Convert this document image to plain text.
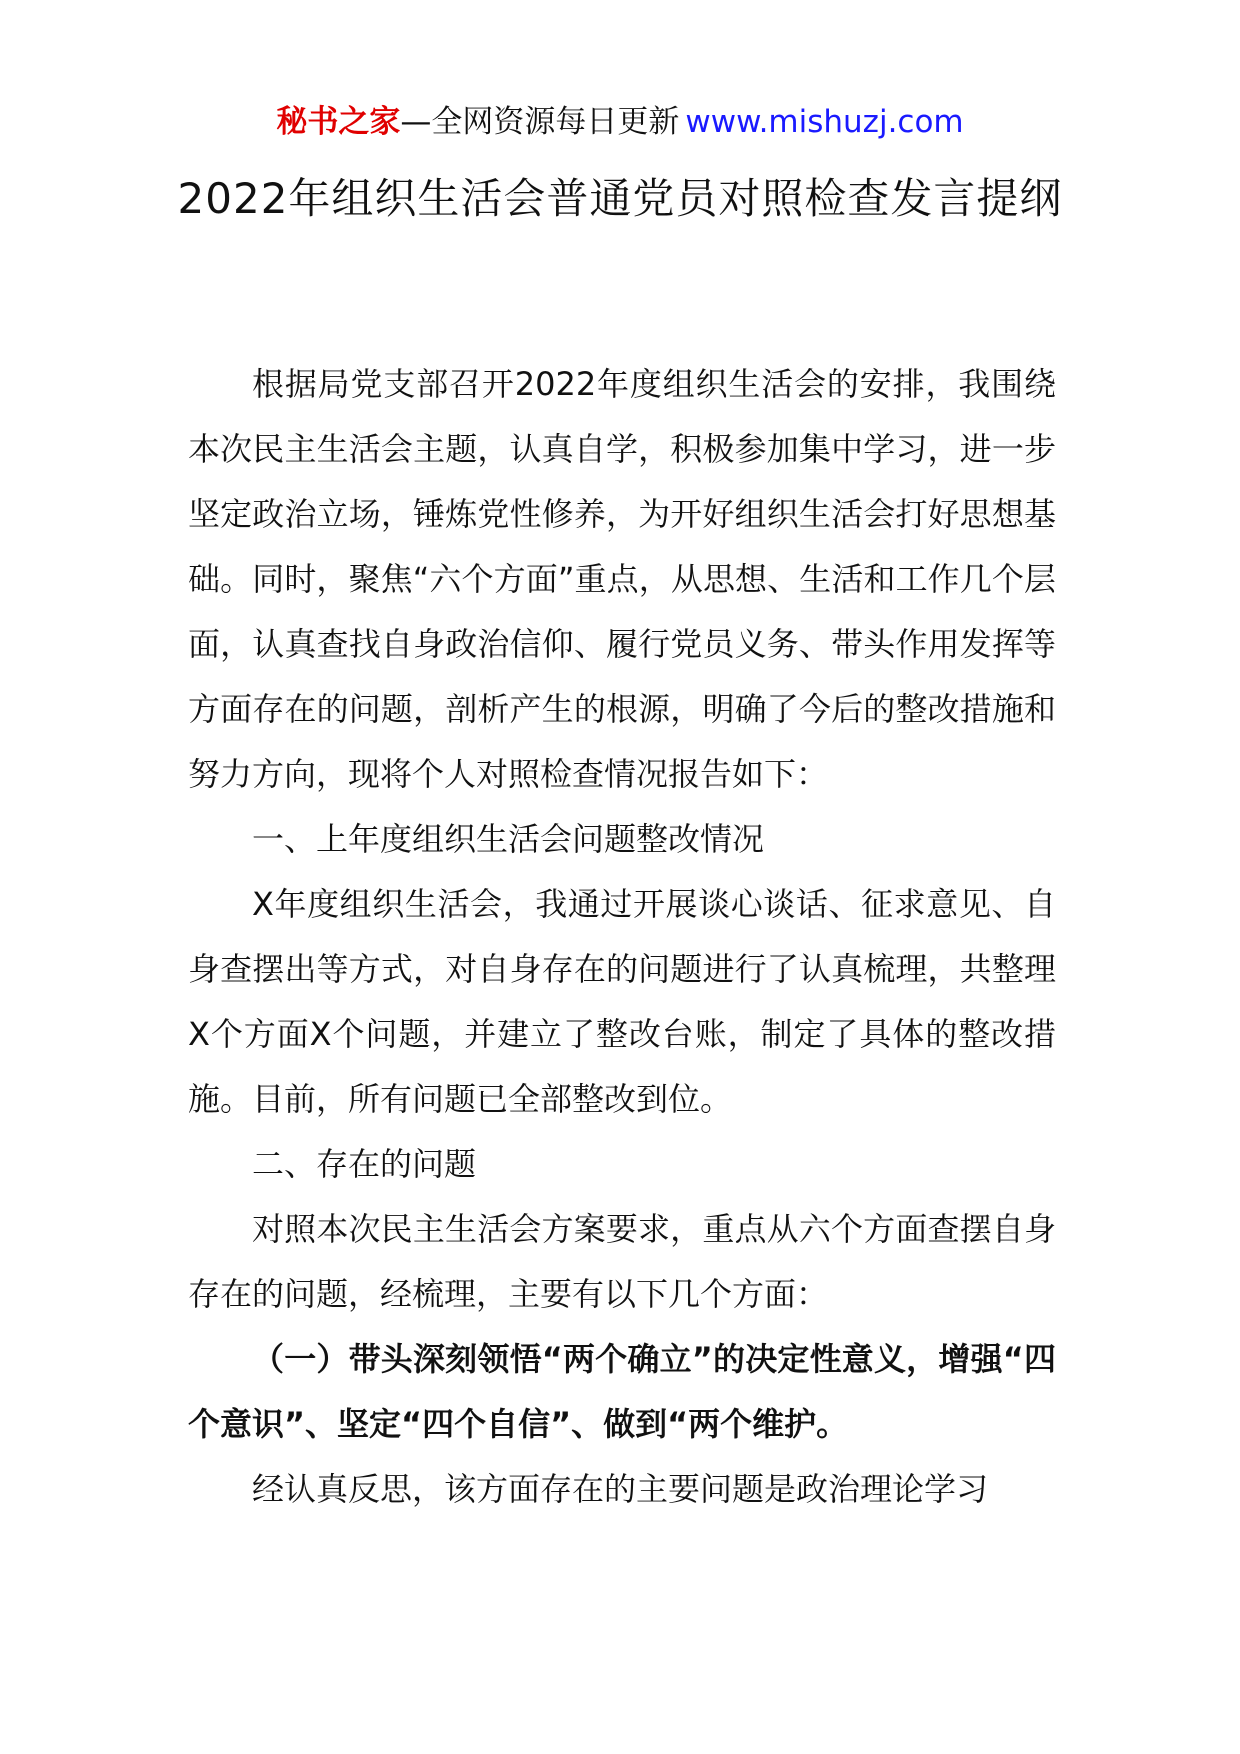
秘书之家—全网资源每日更新 www.mishuzj.com
2022年组织生活会普通党员对照检查发言提纲

根据局党支部召开2022年度组织生活会的安排，我围绕本次民主生活会主题，认真自学，积极参加集中学习，进一步坚定政治立场，锤炼党性修养，为开好组织生活会打好思想基础。同时，聚焦“六个方面”重点，从思想、生活和工作几个层面，认真查找自身政治信仰、履行党员义务、带头作用发挥等方面存在的问题，剖析产生的根源，明确了今后的整改措施和努力方向，现将个人对照检查情况报告如下：

一、上年度组织生活会问题整改情况

X年度组织生活会，我通过开展谈心谈话、征求意见、自身查摆出等方式，对自身存在的问题进行了认真梳理，共整理X个方面X个问题，并建立了整改台账，制定了具体的整改措施。目前，所有问题已全部整改到位。

二、存在的问题

对照本次民主生活会方案要求，重点从六个方面查摆自身存在的问题，经梳理，主要有以下几个方面：

（一）带头深刻领悟“两个确立”的决定性意义，增强“四个意识”、坚定“四个自信”、做到“两个维护。

经认真反思，该方面存在的主要问题是政治理论学习
